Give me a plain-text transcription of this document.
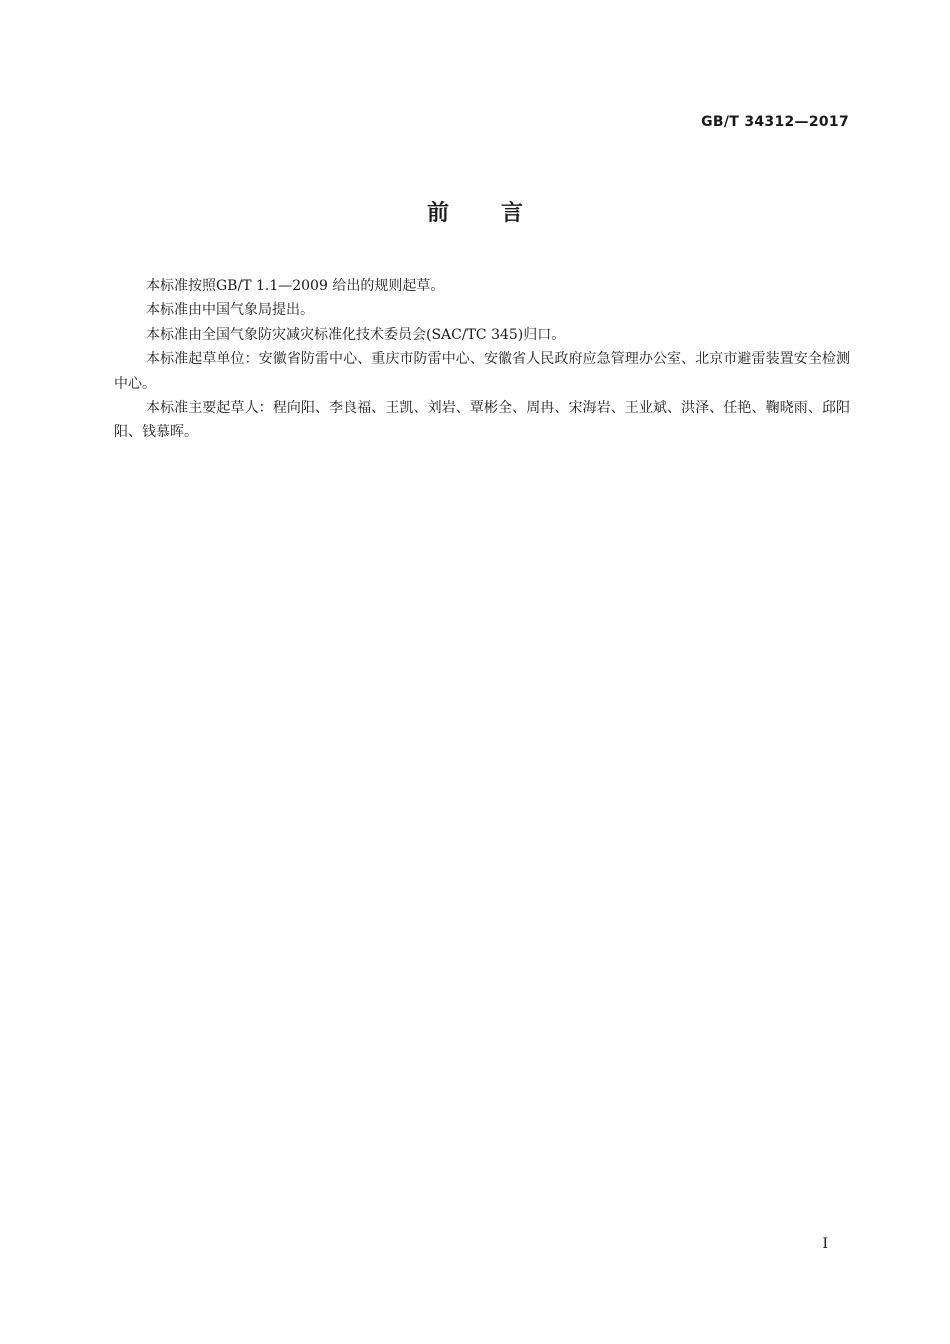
GB/T 34312—2017
前言

本标准按照GB/T 1.1—2009 给出的规则起草。

本标准由中国气象局提出。

本标准由全国气象防灾减灾标准化技术委员会(SAC/TC 345)归口。

本标准起草单位：安徽省防雷中心、重庆市防雷中心、安徽省人民政府应急管理办公室、北京市避雷装置安全检测中心。

本标准主要起草人：程向阳、李良福、王凯、刘岩、覃彬全、周冉、宋海岩、王业斌、洪泽、任艳、鞠晓雨、邱阳阳、钱慕晖。

I
